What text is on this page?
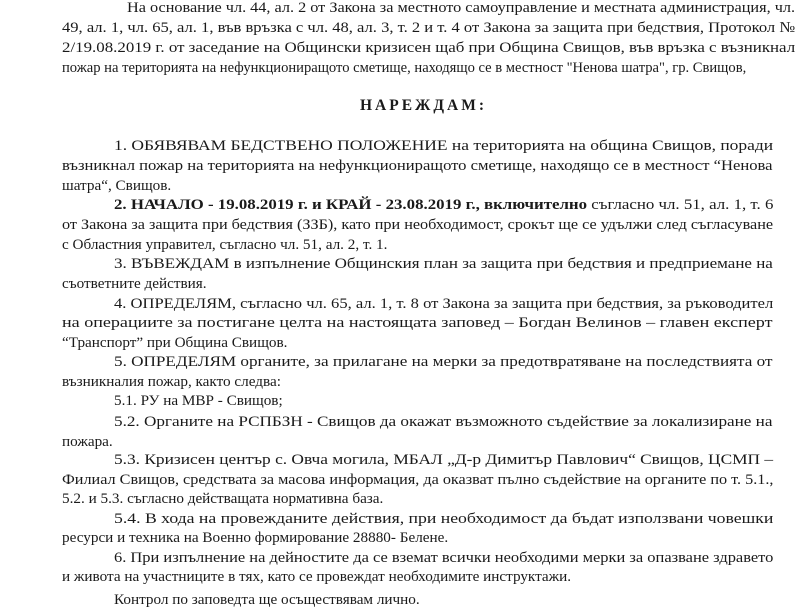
На основание чл. 44, ал. 2 от Закона за местното самоуправление и местната администрация, чл.
49, ал. 1, чл. 65, ал. 1, във връзка с чл. 48, ал. 3, т. 2 и т. 4 от Закона за защита при бедствия, Протокол №
2/19.08.2019 г. от заседание на Общински кризисен щаб при Община Свищов, във връзка с възникнал
пожар на територията на нефункциониращото сметище, находящо се в местност "Ненова шатра", гр. Свищов,
НАРЕЖДАМ:
1. ОБЯВЯВАМ БЕДСТВЕНО ПОЛОЖЕНИЕ на територията на община Свищов, поради
възникнал пожар на територията на нефункциониращото сметище, находящо се в местност “Ненова
шатра“, Свищов.
2. НАЧАЛО - 19.08.2019 г. и КРАЙ - 23.08.2019 г., включително съгласно чл. 51, ал. 1, т. 6
от Закона за защита при бедствия (ЗЗБ), като при необходимост, срокът ще се удължи след съгласуване
с Областния управител, съгласно чл. 51, ал. 2, т. 1.
3. ВЪВЕЖДАМ в изпълнение Общинския план за защита при бедствия и предприемане на
съответните действия.
4. ОПРЕДЕЛЯМ, съгласно чл. 65, ал. 1, т. 8 от Закона за защита при бедствия, за ръководител
на операциите за постигане целта на настоящата заповед – Богдан Велинов – главен експерт
“Транспорт” при Община Свищов.
5. ОПРЕДЕЛЯМ органите, за прилагане на мерки за предотвратяване на последствията от
възникналия пожар, както следва:
5.1. РУ на МВР - Свищов;
5.2. Органите на РСПБЗН - Свищов да окажат възможното съдействие за локализиране на
пожара.
5.3. Кризисен център с. Овча могила, МБАЛ „Д-р Димитър Павлович“ Свищов, ЦСМП –
Филиал Свищов, средствата за масова информация, да оказват пълно съдействие на органите по т. 5.1.,
5.2. и 5.3. съгласно действащата нормативна база.
5.4. В хода на провежданите действия, при необходимост да бъдат използвани човешки
ресурси и техника на Военно формирование 28880- Белене.
6. При изпълнение на дейностите да се вземат всички необходими мерки за опазване здравето
и живота на участниците в тях, като се провеждат необходимите инструктажи.
Контрол по заповедта ще осъществявам лично.
